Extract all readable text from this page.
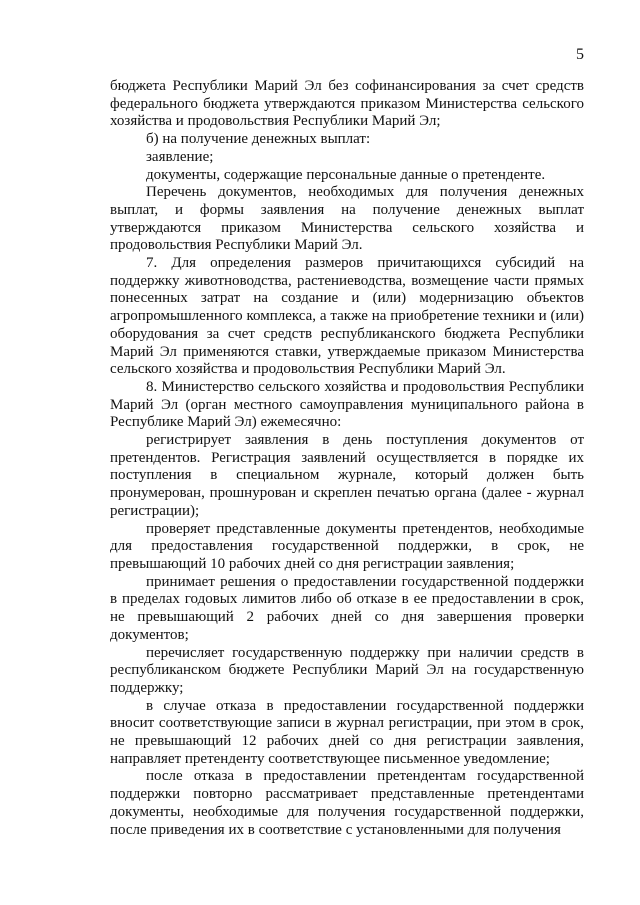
5

бюджета Республики Марий Эл без софинансирования за счет средств федерального бюджета утверждаются приказом Министерства сельского хозяйства и продовольствия Республики Марий Эл;

б) на получение денежных выплат:

заявление;

документы, содержащие персональные данные о претенденте.

Перечень документов, необходимых для получения денежных выплат, и формы заявления на получение денежных выплат утверждаются приказом Министерства сельского хозяйства и продовольствия Республики Марий Эл.

7. Для определения размеров причитающихся субсидий на поддержку животноводства, растениеводства, возмещение части прямых понесенных затрат на создание и (или) модернизацию объектов агропромышленного комплекса, а также на приобретение техники и (или) оборудования за счет средств республиканского бюджета Республики Марий Эл применяются ставки, утверждаемые приказом Министерства сельского хозяйства и продовольствия Республики Марий Эл.

8. Министерство сельского хозяйства и продовольствия Республики Марий Эл (орган местного самоуправления муниципального района в Республике Марий Эл) ежемесячно:

регистрирует заявления в день поступления документов от претендентов. Регистрация заявлений осуществляется в порядке их поступления в специальном журнале, который должен быть пронумерован, прошнурован и скреплен печатью органа (далее - журнал регистрации);

проверяет представленные документы претендентов, необходимые для предоставления государственной поддержки, в срок, не превышающий 10 рабочих дней со дня регистрации заявления;

принимает решения о предоставлении государственной поддержки в пределах годовых лимитов либо об отказе в ее предоставлении в срок, не превышающий 2 рабочих дней со дня завершения проверки документов;

перечисляет государственную поддержку при наличии средств в республиканском бюджете Республики Марий Эл на государственную поддержку;

в случае отказа в предоставлении государственной поддержки вносит соответствующие записи в журнал регистрации, при этом в срок, не превышающий 12 рабочих дней со дня регистрации заявления, направляет претенденту соответствующее письменное уведомление;

после отказа в предоставлении претендентам государственной поддержки повторно рассматривает представленные претендентами документы, необходимые для получения государственной поддержки, после приведения их в соответствие с установленными для получения
